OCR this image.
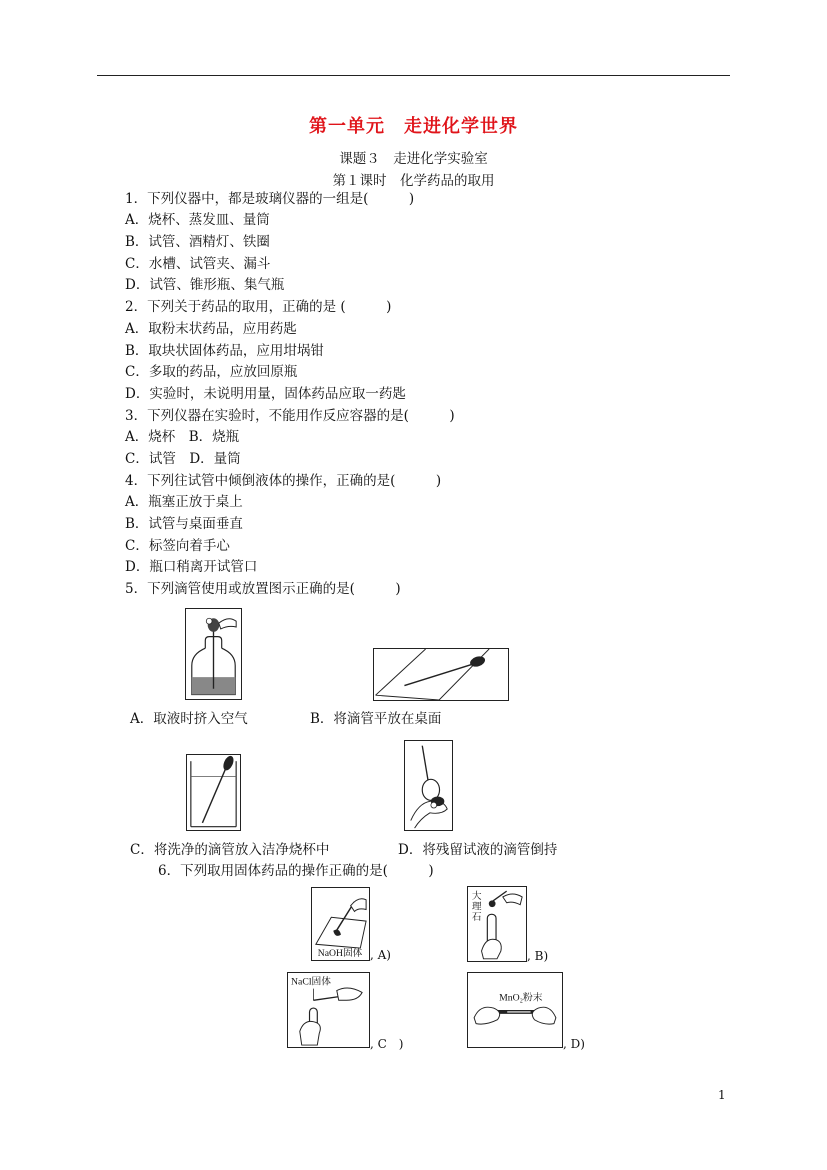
第一单元　走进化学世界
课题３　走进化学实验室
第１课时　化学药品的取用
1．下列仪器中，都是玻璃仪器的一组是(　　　)
A．烧杯、蒸发皿、量筒
B．试管、酒精灯、铁圈
C．水槽、试管夹、漏斗
D．试管、锥形瓶、集气瓶
2．下列关于药品的取用，正确的是 (　　　)
A．取粉末状药品，应用药匙
B．取块状固体药品，应用坩埚钳
C．多取的药品，应放回原瓶
D．实验时，未说明用量，固体药品应取一药匙
3．下列仪器在实验时，不能用作反应容器的是(　　　)
A．烧杯　B．烧瓶
C．试管　D．量筒
4．下列往试管中倾倒液体的操作，正确的是(　　　)
A．瓶塞正放于桌上
B．试管与桌面垂直
C．标签向着手心
D．瓶口稍离开试管口
5．下列滴管使用或放置图示正确的是(　　　)
A．取液时挤入空气	B．将滴管平放在桌面
C．将洗净的滴管放入洁净烧杯中	D．将残留试液的滴管倒持
6．下列取用固体药品的操作正确的是(　　　)
NaOH固体 , A)
大
理
石
, B)
NaCl固体
, C　)
MnO₂粉末
, D)
1
